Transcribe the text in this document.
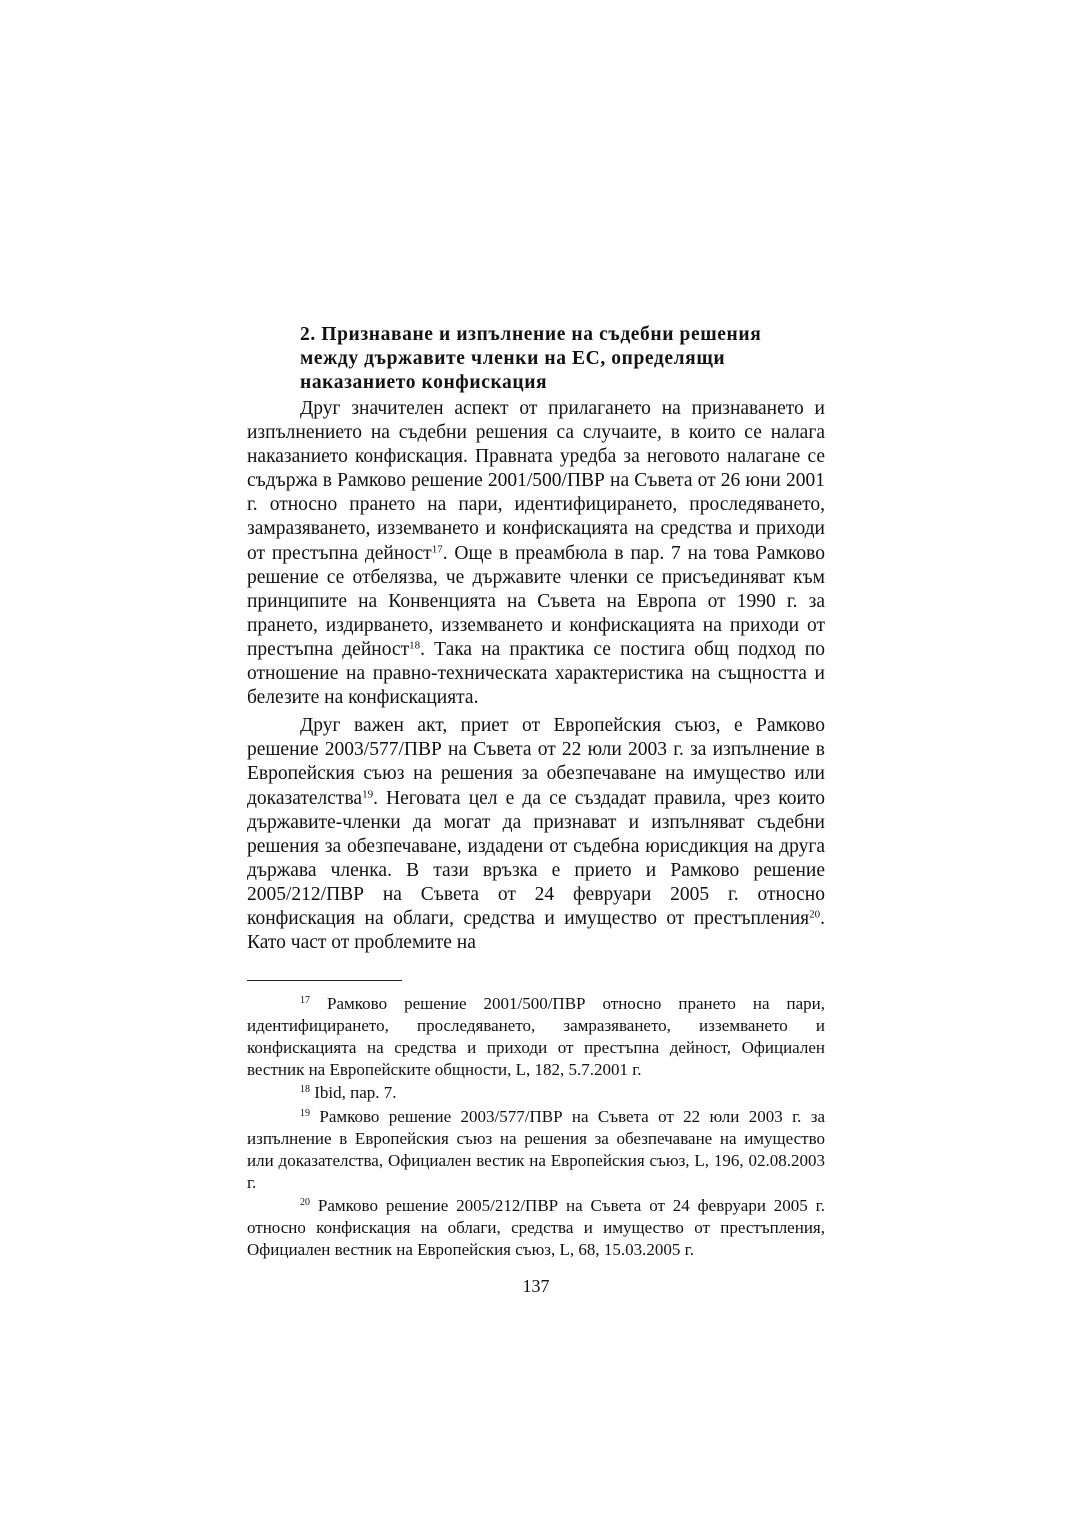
2. Признаване и изпълнение на съдебни решения между държавите членки на ЕС, определящи наказанието конфискация

Друг значителен аспект от прилагането на признаването и изпълнението на съдебни решения са случаите, в които се налага наказанието конфискация. Правната уредба за неговото налагане се съдържа в Рамково решение 2001/500/ПВР на Съвета от 26 юни 2001 г. относно прането на пари, идентифицирането, проследяването, замразяването, изземването и конфискацията на средства и приходи от престъпна дейност$^{17}$. Още в преамбюла в пар. 7 на това Рамково решение се отбелязва, че държавите членки се присъединяват към принципите на Конвенцията на Съвета на Европа от 1990 г. за прането, издирването, изземването и конфискацията на приходи от престъпна дейност$^{18}$. Така на практика се постига общ подход по отношение на правно-техническата характеристика на същността и белезите на конфискацията.

Друг важен акт, приет от Европейския съюз, е Рамково решение 2003/577/ПВР на Съвета от 22 юли 2003 г. за изпълнение в Европейския съюз на решения за обезпечаване на имущество или доказателства$^{19}$. Неговата цел е да се създадат правила, чрез които държавите-членки да могат да признават и изпълняват съдебни решения за обезпечаване, издадени от съдебна юрисдикция на друга държава членка. В тази връзка е прието и Рамково решение 2005/212/ПВР на Съвета от 24 февруари 2005 г. относно конфискация на облаги, средства и имущество от престъпления$^{20}$. Като част от проблемите на

$^{17}$ Рамково решение 2001/500/ПВР относно прането на пари, идентифицирането, проследяването, замразяването, изземването и конфискацията на средства и приходи от престъпна дейност, Официален вестник на Европейските общности, L, 182, 5.7.2001 г.

$^{18}$ Ibid, пар. 7.

$^{19}$ Рамково решение 2003/577/ПВР на Съвета от 22 юли 2003 г. за изпълнение в Европейския съюз на решения за обезпечаване на имущество или доказателства, Официален вестик на Европейския съюз, L, 196, 02.08.2003 г.

$^{20}$ Рамково решение 2005/212/ПВР на Съвета от 24 февруари 2005 г. относно конфискация на облаги, средства и имущество от престъпления, Официален вестник на Европейския съюз, L, 68, 15.03.2005 г.

137
